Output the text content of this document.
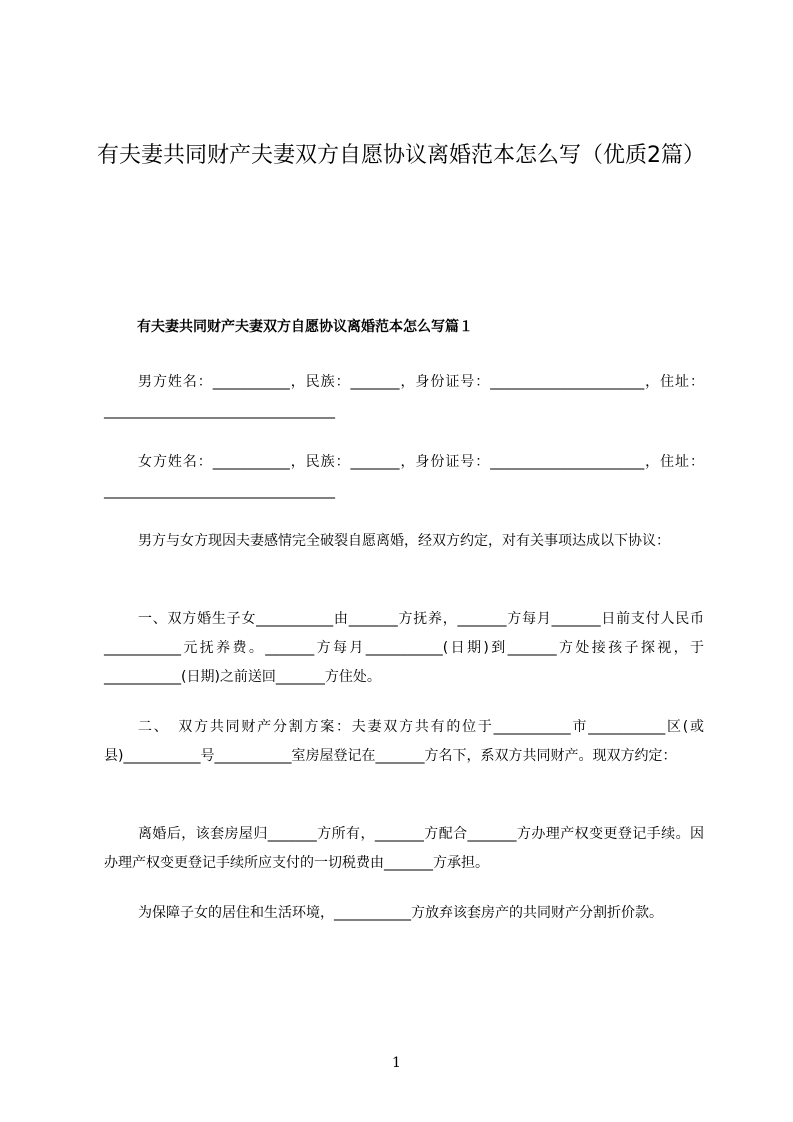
有夫妻共同财产夫妻双方自愿协议离婚范本怎么写（优质2篇）
有夫妻共同财产夫妻双方自愿协议离婚范本怎么写篇１
男方姓名：___________，民族：_______，身份证号：______________________，住址：_________________________________
女方姓名：___________，民族：_______，身份证号：______________________，住址：_________________________________
男方与女方现因夫妻感情完全破裂自愿离婚，经双方约定，对有关事项达成以下协议：
一、双方婚生子女___________由_______方抚养，_______方每月_______日前支付人民币___________元抚养费。_______方每月___________(日期)到_______方处接孩子探视，于___________(日期)之前送回_______方住处。
二、　双方共同财产分割方案：夫妻双方共有的位于___________市___________区(或县)___________号___________室房屋登记在_______方名下，系双方共同财产。现双方约定：
离婚后，该套房屋归_______方所有，_______方配合_______方办理产权变更登记手续。因办理产权变更登记手续所应支付的一切税费由_______方承担。
为保障子女的居住和生活环境，___________方放弃该套房产的共同财产分割折价款。
1
